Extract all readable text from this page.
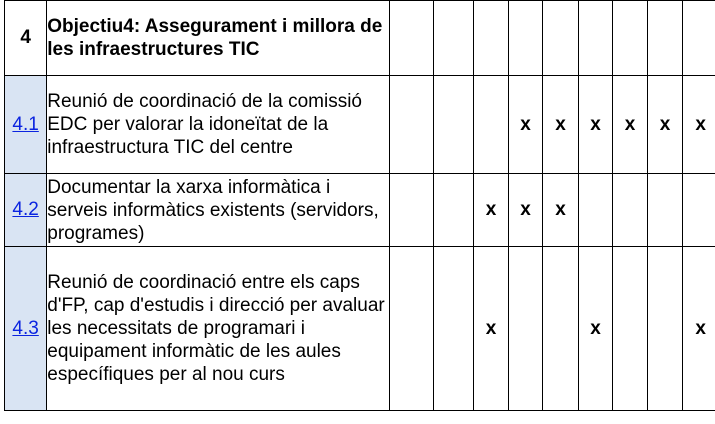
4	Objectiu4: Assegurament i millora de les infraestructures TIC									
4.1	Reunió de coordinació de la comissió EDC per valorar la idoneïtat de la infraestructura TIC del centre				x	x	x	x	x	x
4.2	Documentar la xarxa informàtica i serveis informàtics existents (servidors, programes)			x	x	x				
4.3	Reunió de coordinació entre els caps d'FP, cap d'estudis i direcció per avaluar les necessitats de programari i equipament informàtic de les aules específiques per al nou curs			x			x			x
